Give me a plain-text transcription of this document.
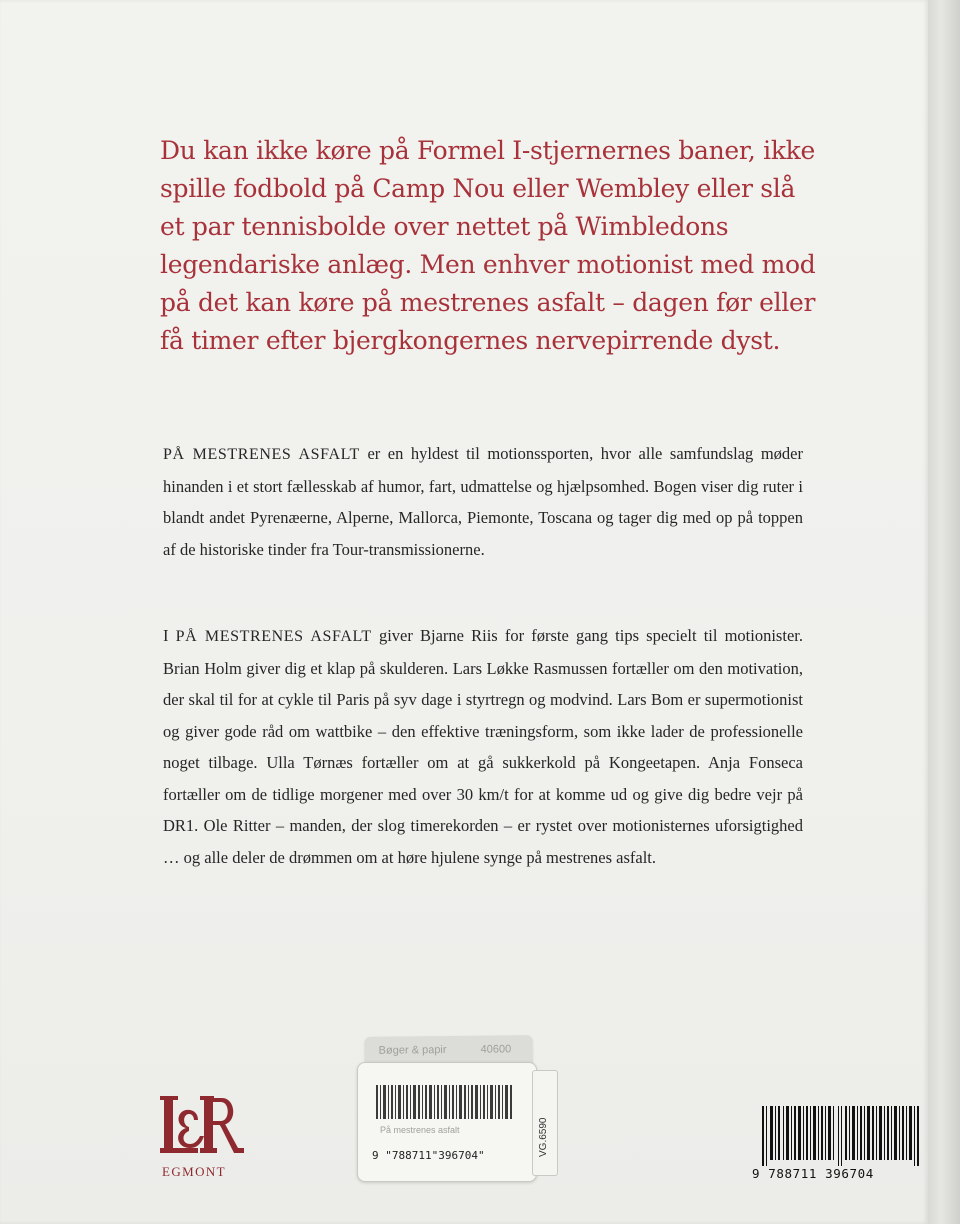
Du kan ikke køre på Formel I-stjernernes baner, ikke spille fodbold på Camp Nou eller Wembley eller slå et par tennisbolde over nettet på Wimbledons legendariske anlæg. Men enhver motionist med mod på det kan køre på mestrenes asfalt – dagen før eller få timer efter bjergkongernes nervepirrende dyst.

PÅ MESTRENES ASFALT er en hyldest til motionssporten, hvor alle samfundslag møder hinanden i et stort fællesskab af humor, fart, udmattelse og hjælpsomhed. Bogen viser dig ruter i blandt andet Pyrenæerne, Alperne, Mallorca, Piemonte, Toscana og tager dig med op på toppen af de historiske tinder fra Tour-transmissionerne.

I PÅ MESTRENES ASFALT giver Bjarne Riis for første gang tips specielt til motionister. Brian Holm giver dig et klap på skulderen. Lars Løkke Rasmussen fortæller om den motivation, der skal til for at cykle til Paris på syv dage i styrtregn og modvind. Lars Bom er supermotionist og giver gode råd om wattbike – den effektive træningsform, som ikke lader de professionelle noget tilbage. Ulla Tørnæs fortæller om at gå sukkerkold på Kongeetapen. Anja Fonseca fortæller om de tidlige morgener med over 30 km/t for at komme ud og give dig bedre vejr på DR1. Ole Ritter – manden, der slog timerekorden – er rystet over motionisternes uforsigtighed … og alle deler de drømmen om at høre hjulene synge på mestrenes asfalt.

EGMONT
Bøger & papir	40600
På mestrenes asfalt
9 "788711"396704"	VG.6590
9 788711 396704
